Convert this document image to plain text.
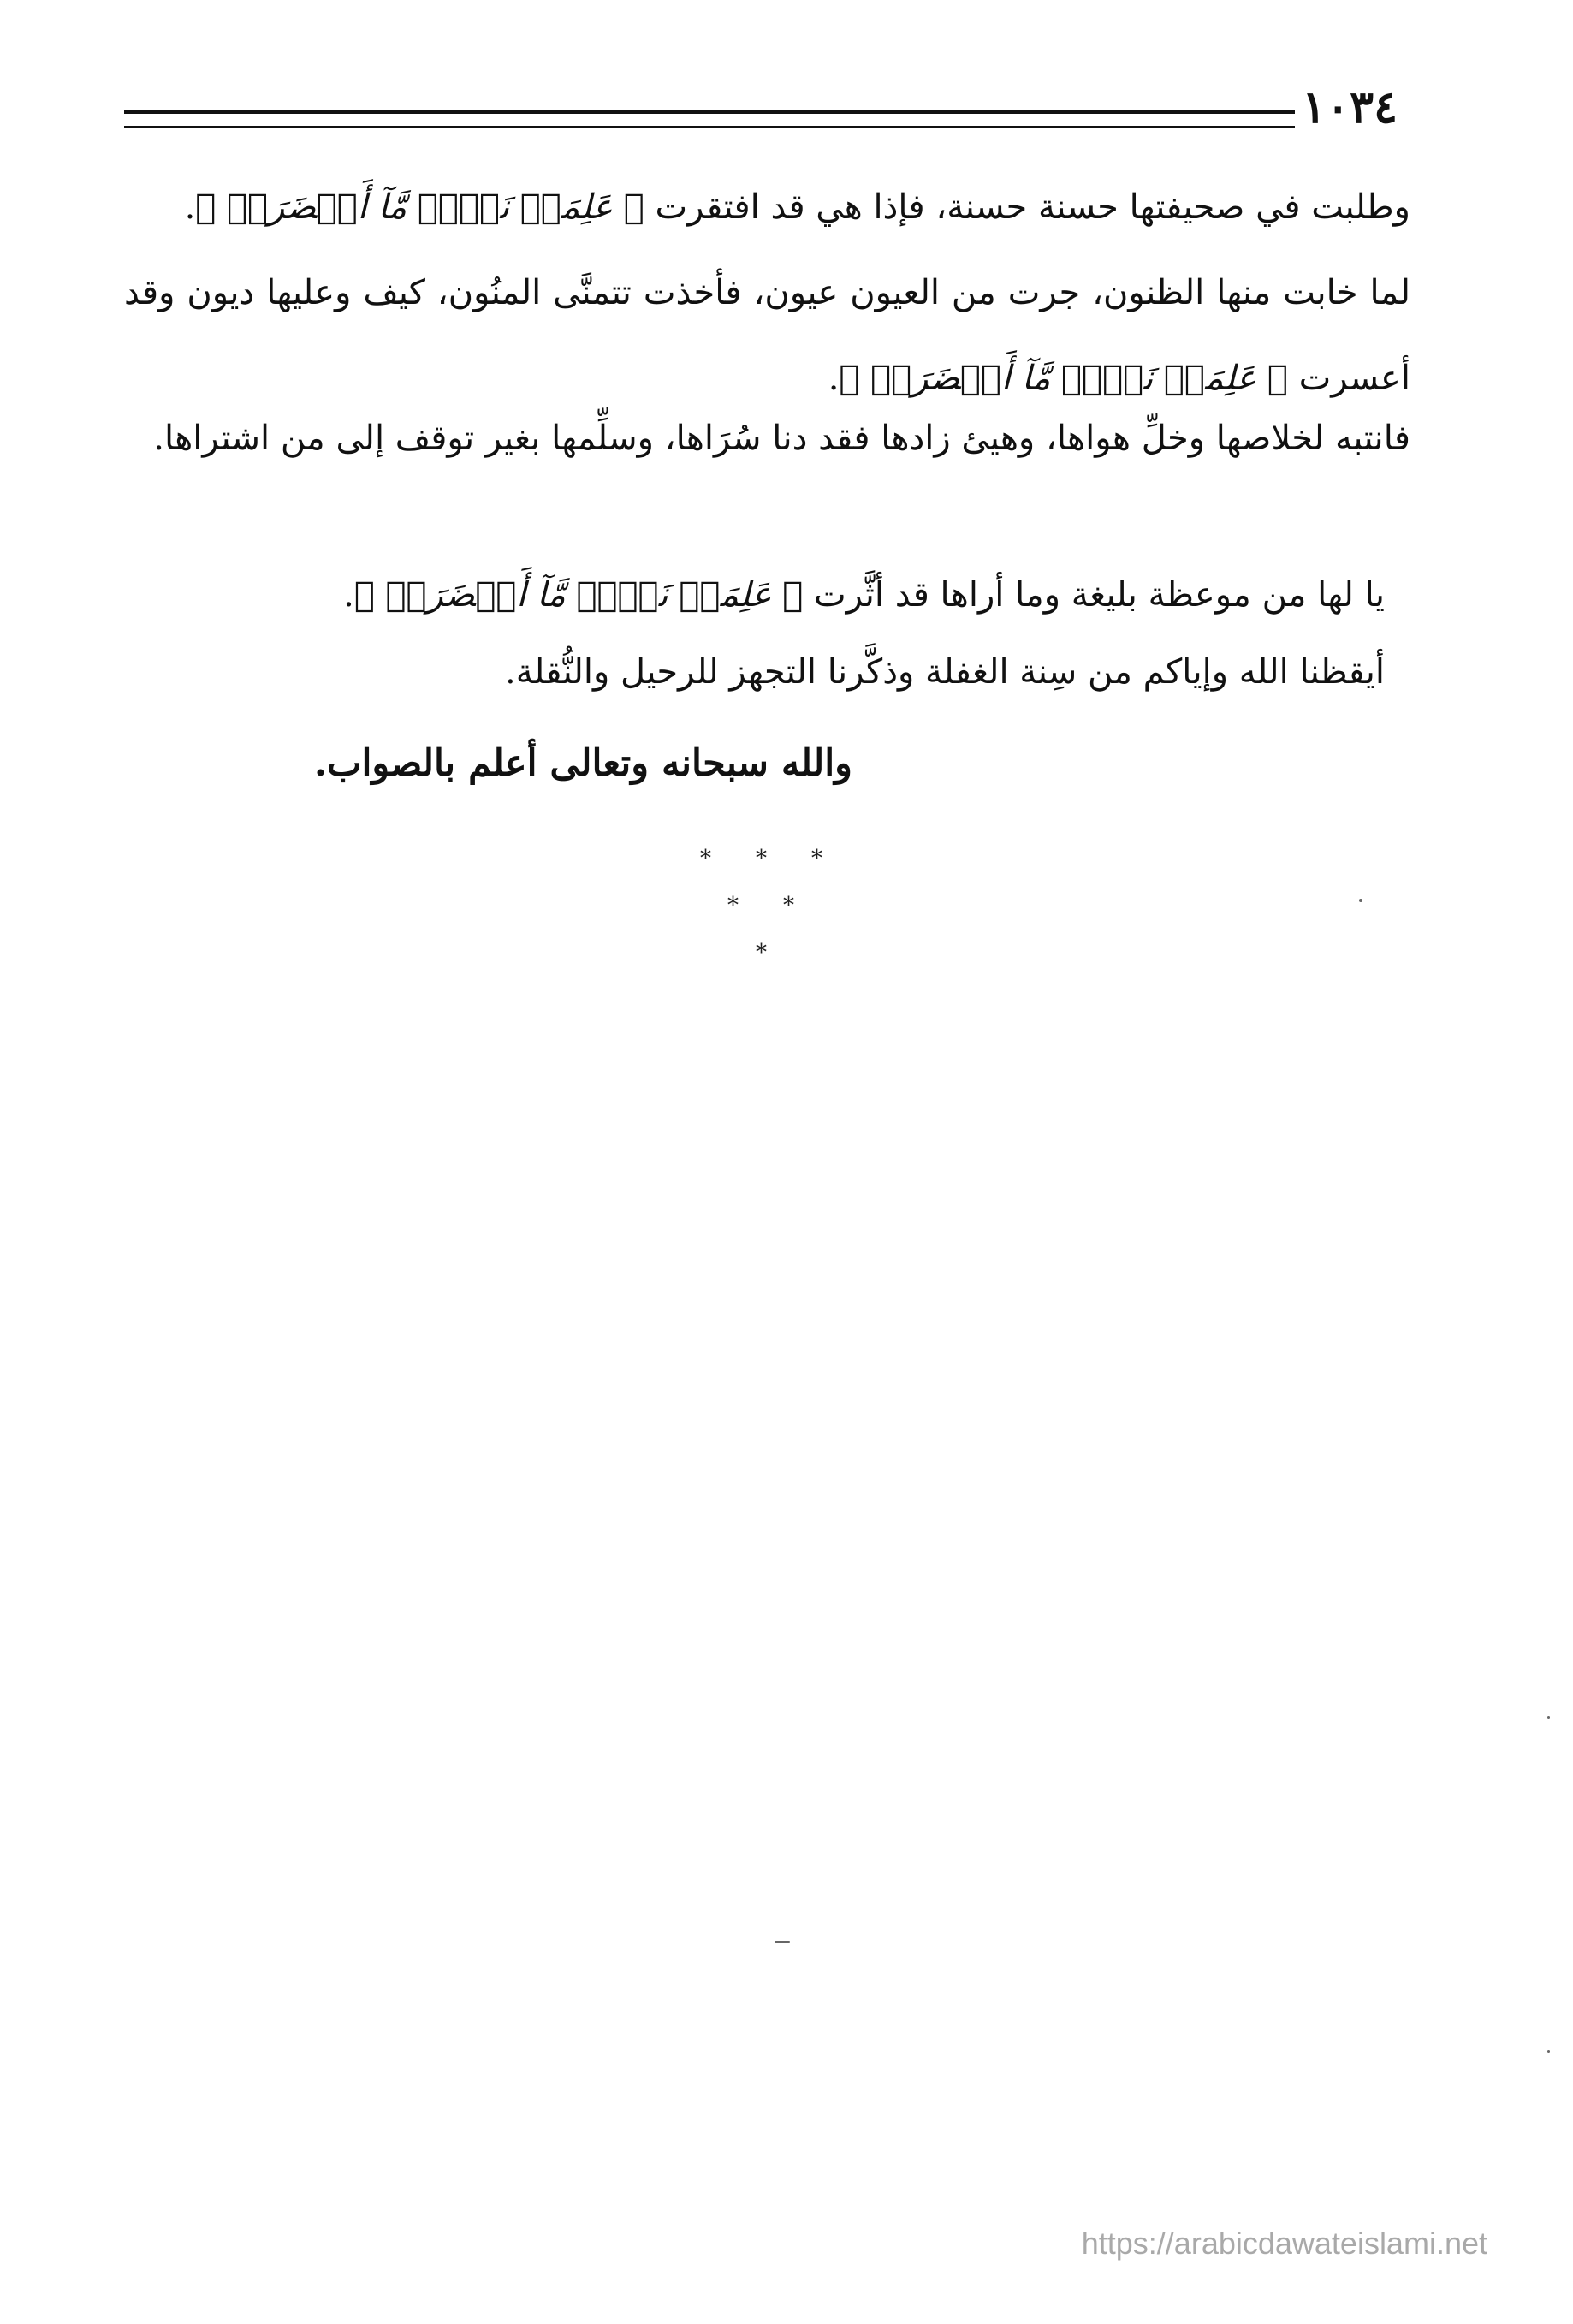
١٠٣٤
وطلبت في صحيفتها حسنة حسنة، فإذا هي قد افتقرت ﴿ عَلِمَتۡ نَفۡسٞ مَّآ أَحۡضَرَتۡ ﴾.
لما خابت منها الظنون، جرت من العيون عيون، فأخذت تتمنَّى المنُون، كيف وعليها ديون وقد أعسرت ﴿ عَلِمَتۡ نَفۡسٞ مَّآ أَحۡضَرَتۡ ﴾.
فانتبه لخلاصها وخلِّ هواها، وهيئ زادها فقد دنا سُرَاها، وسلِّمها بغير توقف إلى من اشتراها.
يا لها من موعظة بليغة وما أراها قد أثَّرت ﴿ عَلِمَتۡ نَفۡسٞ مَّآ أَحۡضَرَتۡ ﴾.
أيقظنا الله وإياكم من سِنة الغفلة وذكَّرنا التجهز للرحيل والنُّقلة.
والله سبحانه وتعالى أعلم بالصواب.
* * *
* *
*
https://arabicdawateislami.net
